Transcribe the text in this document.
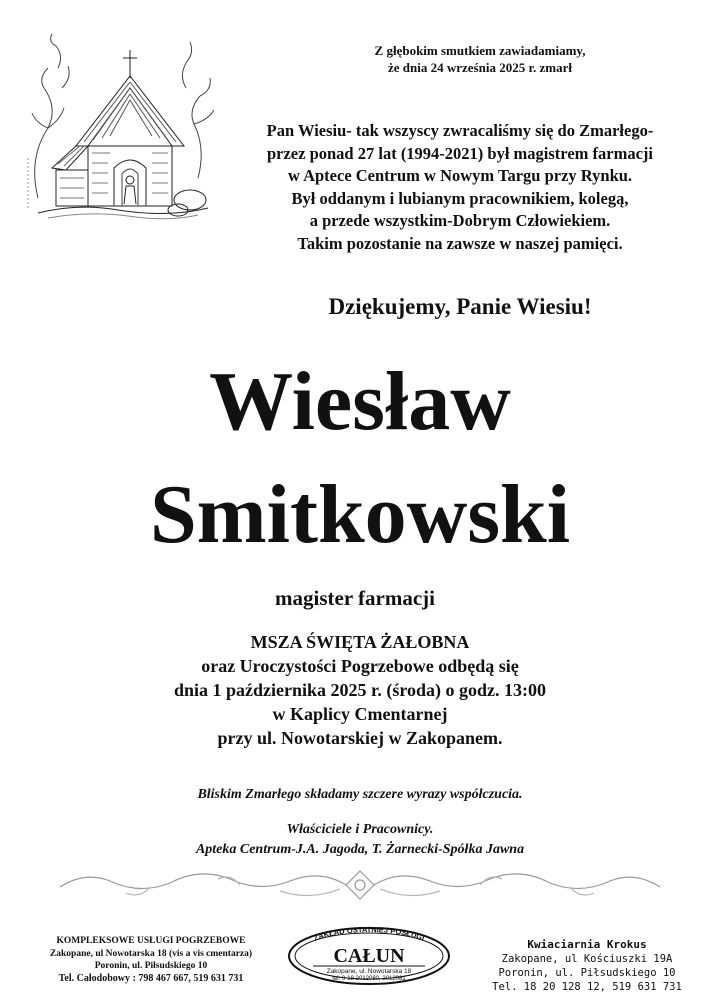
Z głębokim smutkiem zawiadamiamy,
że dnia 24 września 2025 r. zmarł
Pan Wiesiu- tak wszyscy zwracaliśmy się do Zmarłego-
przez ponad 27 lat (1994-2021) był magistrem farmacji
w Aptece Centrum w Nowym Targu przy Rynku.
Był oddanym i lubianym pracownikiem, kolegą,
a przede wszystkim-Dobrym Człowiekiem.
Takim pozostanie na zawsze w naszej pamięci.
Dziękujemy, Panie Wiesiu!
Wiesław
Smitkowski
magister farmacji
MSZA ŚWIĘTA ŻAŁOBNA
oraz Uroczystości Pogrzebowe odbędą się
dnia 1 października 2025 r. (środa) o godz. 13:00
w Kaplicy Cmentarnej
przy ul. Nowotarskiej w Zakopanem.
Bliskim Zmarłego składamy szczere wyrazy współczucia.
Właściciele i Pracownicy.
Apteka Centrum-J.A. Jagoda, T. Żarnecki-Spółka Jawna
KOMPLEKSOWE USŁUGI POGRZEBOWE
Zakopane, ul Nowotarska 18 (vis a vis cmentarza)
Poronin, ul. Piłsudskiego 10
Tel. Całodobowy : 798 467 667, 519 631 731
ZAKŁAD OSTATNIEJ POSŁUGI
CAŁUN
Zakopane, ul. Nowotarska 18
tel. 0-18 2012080, 2012081
Kwiaciarnia Krokus
Zakopane, ul Kościuszki 19A
Poronin, ul. Piłsudskiego 10
Tel. 18 20 128 12, 519 631 731
